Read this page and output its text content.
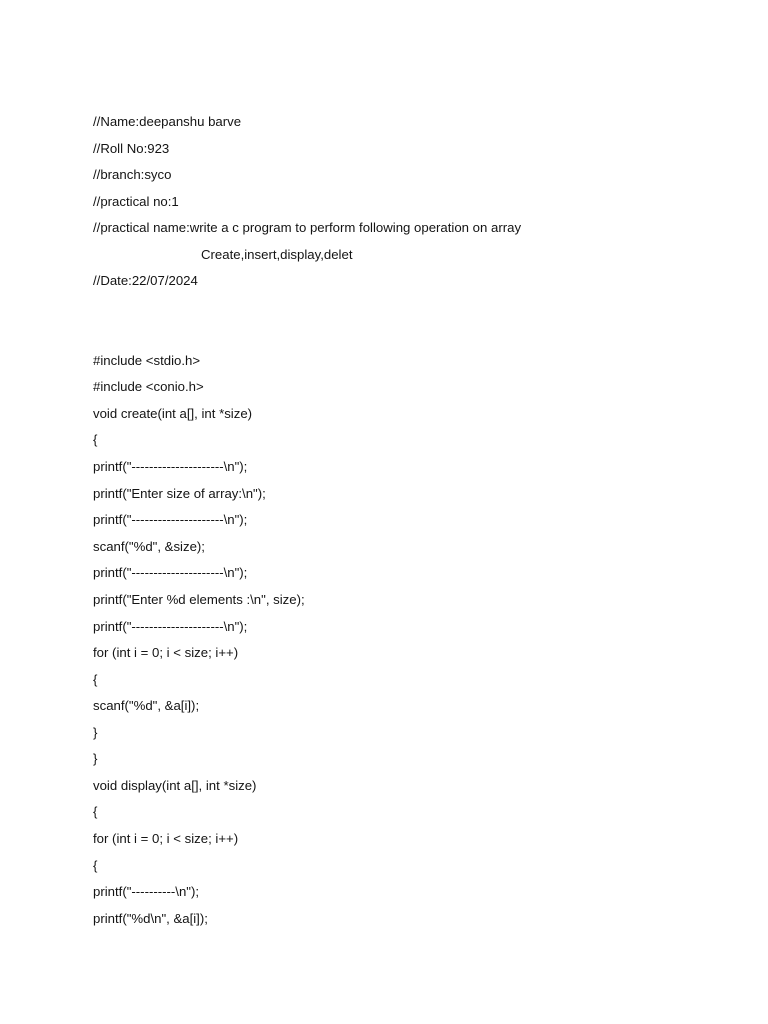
//Name:deepanshu barve
//Roll No:923
//branch:syco
//practical no:1
//practical name:write a c program to perform following operation on array
Create,insert,display,delet
//Date:22/07/2024
#include <stdio.h>
#include <conio.h>
void create(int a[], int *size)
{
printf("---------------------\n");
printf("Enter size of array:\n");
printf("---------------------\n");
scanf("%d", &size);
printf("---------------------\n");
printf("Enter %d elements :\n", size);
printf("---------------------\n");
for (int i = 0; i < size; i++)
{
scanf("%d", &a[i]);
}
}
void display(int a[], int *size)
{
for (int i = 0; i < size; i++)
{
printf("----------\n");
printf("%d\n", &a[i]);
